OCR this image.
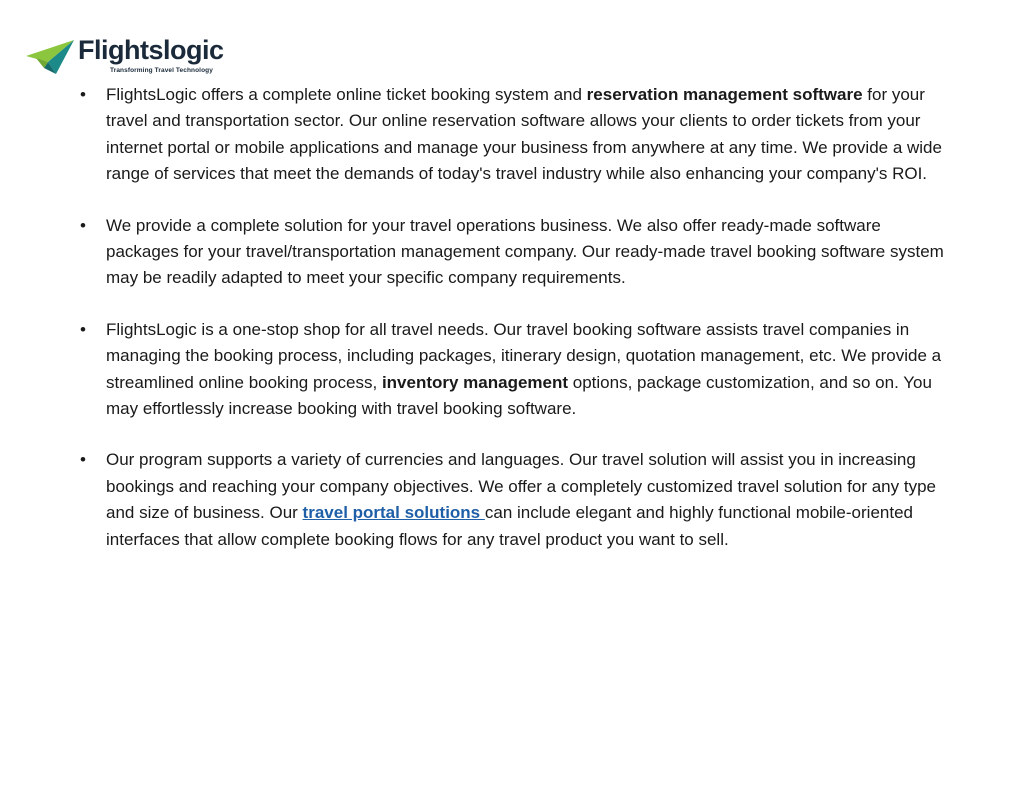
Flightslogic
Transforming Travel Technology
• FlightsLogic offers a complete online ticket booking system and reservation management software for your travel and transportation sector. Our online reservation software allows your clients to order tickets from your internet portal or mobile applications and manage your business from anywhere at any time. We provide a wide range of services that meet the demands of today's travel industry while also enhancing your company's ROI.
• We provide a complete solution for your travel operations business. We also offer ready-made software packages for your travel/transportation management company. Our ready-made travel booking software system may be readily adapted to meet your specific company requirements.
• FlightsLogic is a one-stop shop for all travel needs. Our travel booking software assists travel companies in managing the booking process, including packages, itinerary design, quotation management, etc. We provide a streamlined online booking process, inventory management options, package customization, and so on. You may effortlessly increase booking with travel booking software.
• Our program supports a variety of currencies and languages. Our travel solution will assist you in increasing bookings and reaching your company objectives. We offer a completely customized travel solution for any type and size of business. Our travel portal solutions can include elegant and highly functional mobile-oriented interfaces that allow complete booking flows for any travel product you want to sell.
